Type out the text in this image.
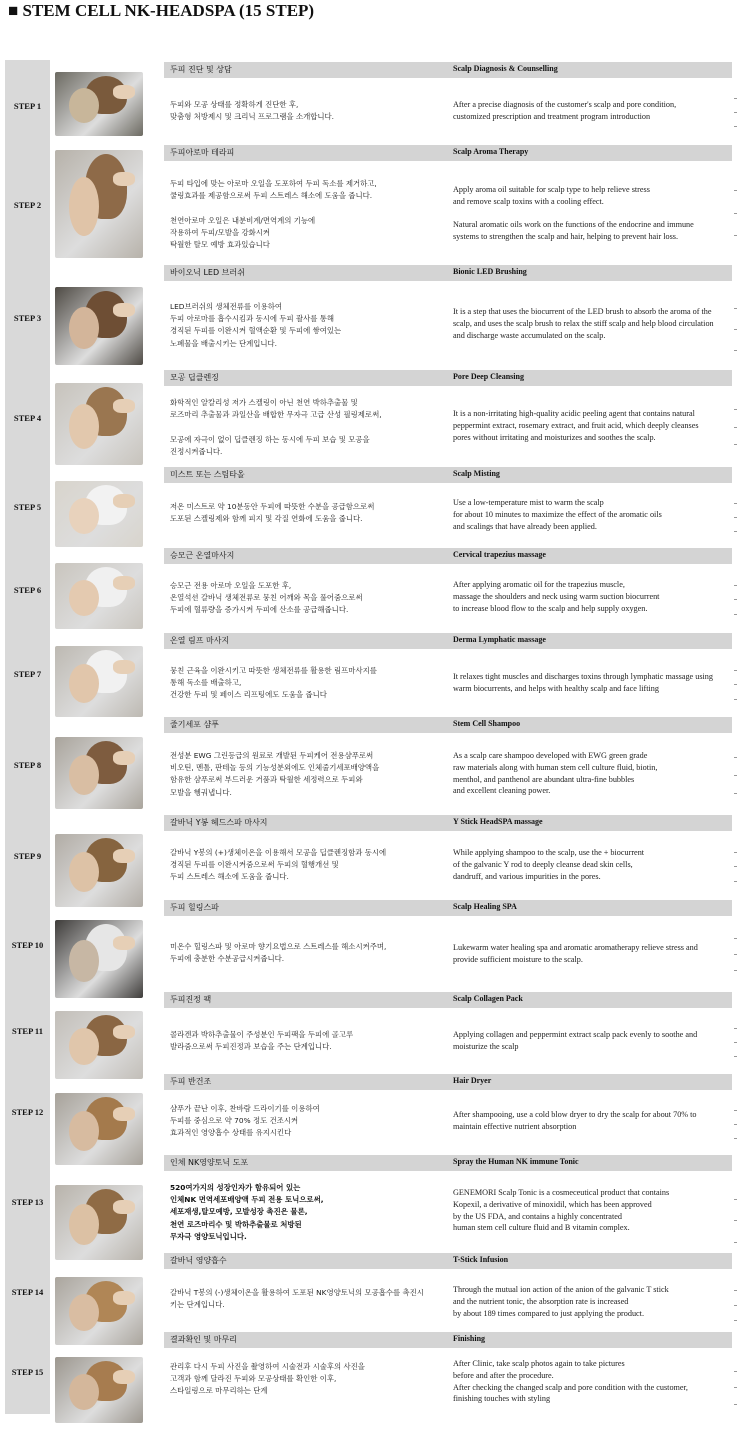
■ STEM CELL NK-HEADSPA (15 STEP)
STEP 1
두피 진단 및 상담	Scalp Diagnosis & Counselling
두피와 모공 상태를 정확하게 진단한 후,
맞춤형 처방제시 및 크리닉 프로그램을 소개합니다.
After a precise diagnosis of the customer's scalp and pore condition,
customized prescription and treatment program introduction
STEP 2
두피아로마 테라피	Scalp Aroma Therapy
두피 타입에 맞는 아로마 오일을 도포하여 두피 독소를 제거하고,
쿨링효과를 제공함으로써 두피 스트레스 해소에 도움을 줍니다.

천연아로마 오일은 내분비계/면역계의 기능에
작용하여 두피/모발을 강화시켜
탁월한 탈모 예방 효과있습니다
Apply aroma oil suitable for scalp type to help relieve stress
and remove scalp toxins with a cooling effect.

Natural aromatic oils work on the functions of the endocrine and immune
systems to strengthen the scalp and hair, helping to prevent hair loss.
STEP 3
바이오닉 LED 브러쉬	Bionic LED Brushing
LED브러쉬의 생체전류를 이용하여
두피 아로마를 흡수시킴과 동시에 두피 괄사를 통해
경직된 두피를 이완시켜 혈액순환 및 두피에 쌓여있는
노폐물을 배출시키는 단계입니다.
It is a step that uses the biocurrent of the LED brush to absorb the aroma of the
scalp, and uses the scalp brush to relax the stiff scalp and help blood circulation
and discharge waste accumulated on the scalp.
STEP 4
모공 딥클렌징	Pore Deep Cleansing
화학적인 알칼리성 저가 스켈링이 아닌 천연 박하추출물 및
로즈마리 추출물과 과일산을 배합한 무자극 고급 산성 필링제로써,

모공에 자극이 없이 딥클렌징 하는 동시에 두피 보습 및 모공을
진정시켜줍니다.
It is a non-irritating high-quality acidic peeling agent that contains natural
peppermint extract, rosemary extract, and fruit acid, which deeply cleanses
pores without irritating and moisturizes and soothes the scalp.
STEP 5
미스트 또는 스팀타올	Scalp Misting
저온 미스트로 약 10분동안 두피에 따뜻한 수분을 공급함으로써
도포된 스켈링제와 함께 피지 및 각질 연화에 도움을 줍니다.
Use a low-temperature mist to warm the scalp
for about 10 minutes to maximize the effect of the aromatic oils
and scalings that have already been applied.
STEP 6
승모근 온열마사지	Cervical trapezius massage
승모근 전용 아로마 오일을 도포한 후,
온열석션 갈바닉 생체전류로 뭉친 어깨와 목을 풀어줌으로써
두피에 혈류량을 증가시켜 두피에 산소를 공급해줍니다.
After applying aromatic oil for the trapezius muscle,
massage the shoulders and neck using warm suction biocurrent
to increase blood flow to the scalp and help supply oxygen.
STEP 7
온열 림프 마사지	Derma Lymphatic massage
뭉친 근육을 이완시키고 따뜻한 생체전류를 활용한 림프마사지를
통해 독소를 배출하고,
건강한 두피 및 페이스 리프팅에도 도움을 줍니다
It relaxes tight muscles and discharges toxins through lymphatic massage using
warm biocurrents, and helps with healthy scalp and face lifting
STEP 8
줄기세포 샴푸	Stem Cell Shampoo
전성분 EWG 그린등급의 원료로 개발된 두피케어 전용샴푸로써
비오틴, 멘톨, 판테놀 등의 기능성분외에도 인체줄기세포배양액을
함유한 샴푸로써 부드러운 거품과 탁월한 세정력으로 두피와
모발을 헹궈냅니다.
As a scalp care shampoo developed with EWG green grade
raw materials along with human stem cell culture fluid, biotin,
menthol, and panthenol are abundant ultra-fine bubbles
and excellent cleaning power.
STEP 9
갈바닉 Y봉 헤드스파 마사지	Y Stick HeadSPA massage
갈바닉 Y봉의 (+)생체이온을 이용해서 모공을 딥클렌징함과 동시에
경직된 두피를 이완시켜줌으로써 두피의 혈행개선 및
두피 스트레스 해소에 도움을 줍니다.
While applying shampoo to the scalp, use the + biocurrent
of the galvanic Y rod to deeply cleanse dead skin cells,
dandruff, and various impurities in the pores.
STEP 10
두피 힐링스파	Scalp Healing SPA
미온수 힐링스파 및 아로마 향기요법으로 스트레스를 해소시켜주며,
두피에 충분한 수분공급시켜줍니다.
Lukewarm water healing spa and aromatic aromatherapy relieve stress and
provide sufficient moisture to the scalp.
STEP 11
두피진정 팩	Scalp Collagen Pack
콜라겐과 박하추출물이 주성분인 두피팩을 두피에 골고루
발라줌으로써 두피진정과 보습을 주는 단계입니다.
Applying collagen and peppermint extract scalp pack evenly to soothe and
moisturize the scalp
STEP 12
두피 반건조	Hair Dryer
샴푸가 끝난 이후, 찬바람 드라이기를 이용하여
두피를 중심으로 약 70% 정도 건조시켜
효과적인 영양흡수 상태를 유지시킨다
After shampooing, use a cold blow dryer to dry the scalp for about 70% to
maintain effective nutrient absorption
STEP 13
인체 NK영양토닉 도포	Spray the Human NK immune Tonic
520여가지의 성장인자가 함유되어 있는
인체NK 면역세포배양액 두피 전용 토닉으로써,
세포재생,탈모예방, 모발성장 촉진은 물론,
천연 로즈마리수 및 박하추출물로 처방된
무자극 영양토닉입니다.
GENEMORI Scalp Tonic is a cosmeceutical product that contains
Kopexil, a derivative of minoxidil, which has been approved
by the US FDA, and contains a highly concentrated
human stem cell culture fluid and B vitamin complex.
STEP 14
갈바닉 영양흡수	T-Stick Infusion
갈바닉 T봉의 (-)생체이온을 활용하여 도포된 NK영양토닉의 모공흡수를 촉진시
키는 단계입니다.
Through the mutual ion action of the anion of the galvanic T stick
and the nutrient tonic, the absorption rate is increased
by about 189 times compared to just applying the product.
STEP 15
결과확인 및 마무리	Finishing
관리후 다시 두피 사진을 촬영하여 시술전과 시술후의 사진을
고객과 함께 달라진 두피와 모공상태를 확인한 이후,
스타일링으로 마무리하는 단계
After Clinic, take scalp photos again to take pictures
before and after the procedure.
After checking the changed scalp and pore condition with the customer,
finishing touches with styling
